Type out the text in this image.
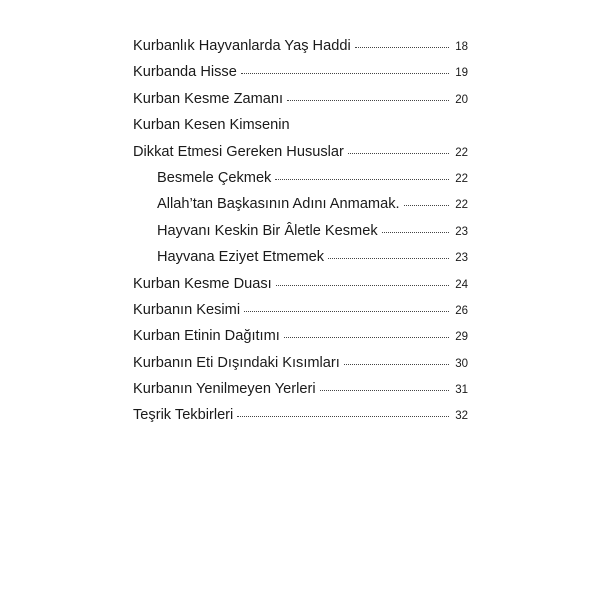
Kurbanlık Hayvanlarda Yaş Haddi	18
Kurbanda Hisse	19
Kurban Kesme Zamanı	20
Kurban Kesen Kimsenin
Dikkat Etmesi Gereken Hususlar	22
Besmele Çekmek	22
Allah’tan Başkasının Adını Anmamak.	22
Hayvanı Keskin Bir Âletle Kesmek	23
Hayvana Eziyet Etmemek	23
Kurban Kesme Duası	24
Kurbanın Kesimi	26
Kurban Etinin Dağıtımı	29
Kurbanın Eti Dışındaki Kısımları	30
Kurbanın Yenilmeyen Yerleri	31
Teşrik Tekbirleri	32
